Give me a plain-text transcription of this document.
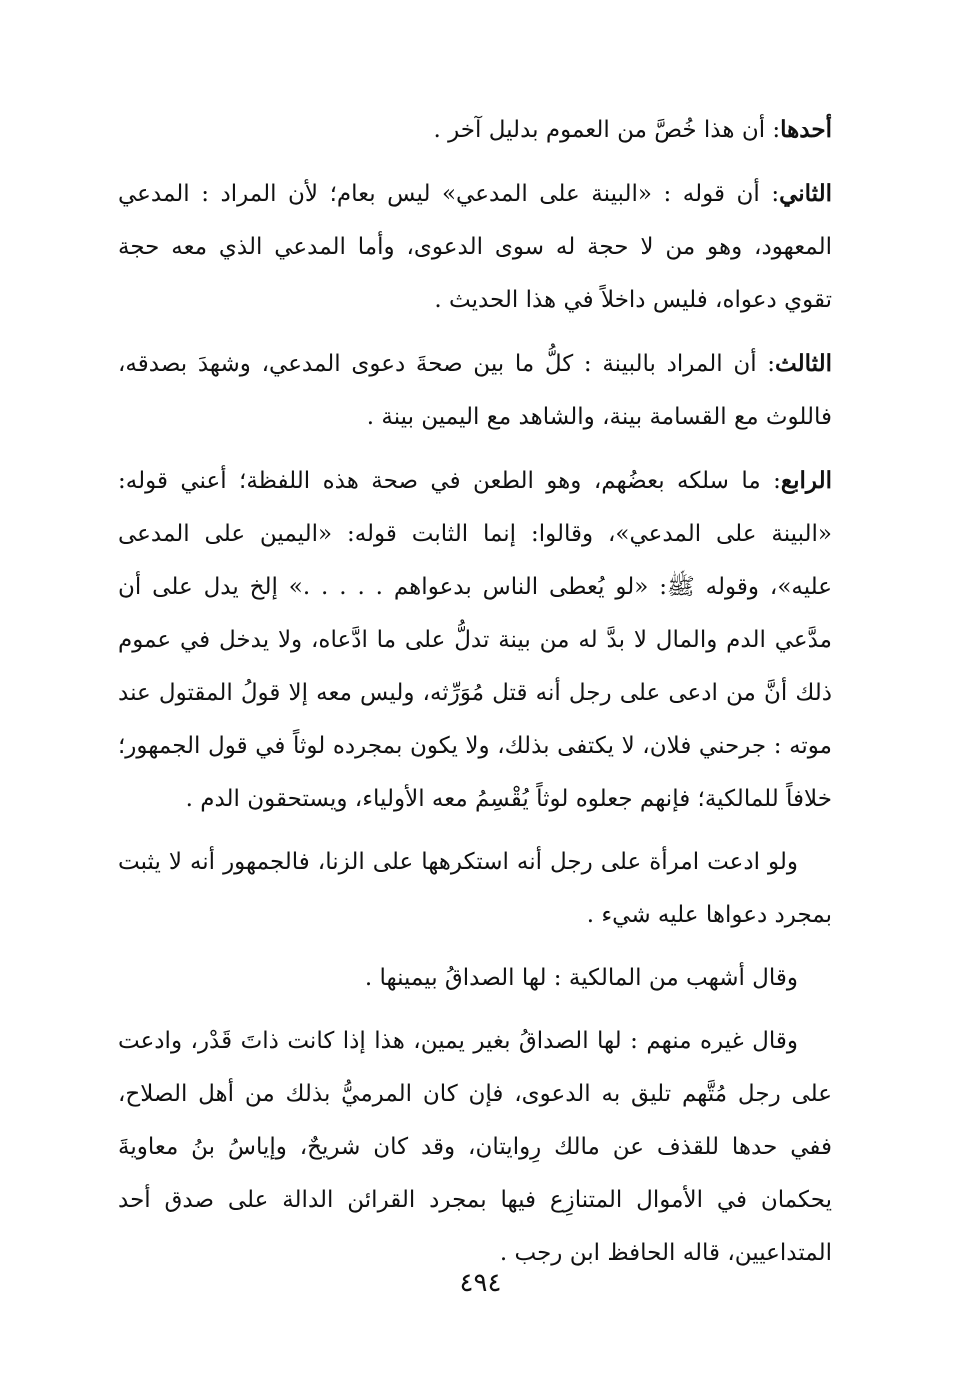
أحدها: أن هذا خُصَّ من العموم بدليل آخر .

الثاني: أن قوله : «البينة على المدعي» ليس بعام؛ لأن المراد : المدعي المعهود، وهو من لا حجة له سوى الدعوى، وأما المدعي الذي معه حجة تقوي دعواه، فليس داخلاً في هذا الحديث .

الثالث: أن المراد بالبينة : كلُّ ما بين صحةَ دعوى المدعي، وشهدَ بصدقه، فاللوث مع القسامة بينة، والشاهد مع اليمين بينة .

الرابع: ما سلكه بعضُهم، وهو الطعن في صحة هذه اللفظة؛ أعني قوله: «البينة على المدعي»، وقالوا: إنما الثابت قوله: «اليمين على المدعى عليه»، وقوله ﷺ: «لو يُعطى الناس بدعواهم . . . . .» إلخ يدل على أن مدَّعي الدم والمال لا بدَّ له من بينة تدلُّ على ما ادَّعاه، ولا يدخل في عموم ذلك أنَّ من ادعى على رجل أنه قتل مُوَرِّثه، وليس معه إلا قولُ المقتول عند موته : جرحني فلان، لا يكتفى بذلك، ولا يكون بمجرده لوثاً في قول الجمهور؛ خلافاً للمالكية؛ فإنهم جعلوه لوثاً يُقْسِمُ معه الأولياء، ويستحقون الدم .

ولو ادعت امرأة على رجل أنه استكرهها على الزنا، فالجمهور أنه لا يثبت بمجرد دعواها عليه شيء .

وقال أشهب من المالكية : لها الصداقُ بيمينها .

وقال غيره منهم : لها الصداقُ بغير يمين، هذا إذا كانت ذاتَ قَدْر، وادعت على رجل مُتَّهم تليق به الدعوى، فإن كان المرميُّ بذلك من أهل الصلاح، ففي حدها للقذف عن مالك رِوايتان، وقد كان شريحٌ، وإياسُ بنُ معاويةَ يحكمان في الأموال المتنازِع فيها بمجرد القرائن الدالة على صدق أحد المتداعيين، قاله الحافظ ابن رجب .

٤٩٤
